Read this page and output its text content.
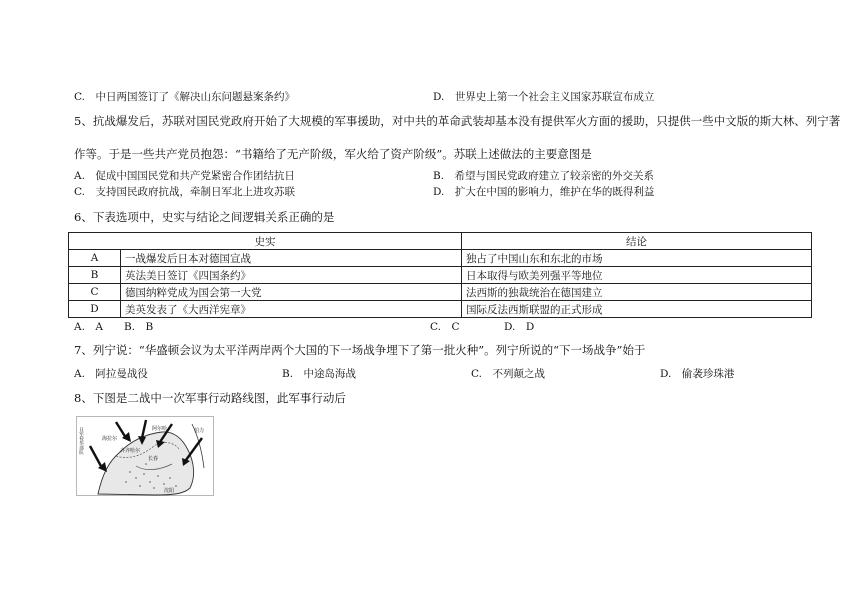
C.　中日两国签订了《解决山东问题悬案条约》	D.　世界史上第一个社会主义国家苏联宣布成立
5、抗战爆发后，苏联对国民党政府开始了大规模的军事援助，对中共的革命武装却基本没有提供军火方面的援助，只提供一些中文版的斯大林、列宁著
作等。于是一些共产党员抱怨：“书籍给了无产阶级，军火给了资产阶级”。苏联上述做法的主要意图是
A.　促成中国国民党和共产党紧密合作团结抗日	B.　希望与国民党政府建立了较亲密的外交关系
C.　支持国民政府抗战，牵制日军北上进攻苏联	D.　扩大在中国的影响力，维护在华的既得利益
6、下表选项中，史实与结论之间逻辑关系正确的是
史实		结论
A	一战爆发后日本对德国宣战	独占了中国山东和东北的市场
B	英法美日签订《四国条约》	日本取得与欧美列强平等地位
C	德国纳粹党成为国会第一大党	法西斯的独裁统治在德国建立
D	美英发表了《大西洋宪章》	国际反法西斯联盟的正式形成
A.　A　　B.　B	C.　C	D.　D
7、列宁说：“华盛顿会议为太平洋两岸两个大国的下一场战争埋下了第一批火种”。列宁所说的“下一场战争”始于
A.　阿拉曼战役	B.　中途岛海战	C.　不列颠之战	D.　偷袭珍珠港
8、下图是二战中一次军事行动路线图，此军事行动后
日军侵华部队	海拉尔
阿尔哈
齐齐哈尔
长春
沈阳
伯力
